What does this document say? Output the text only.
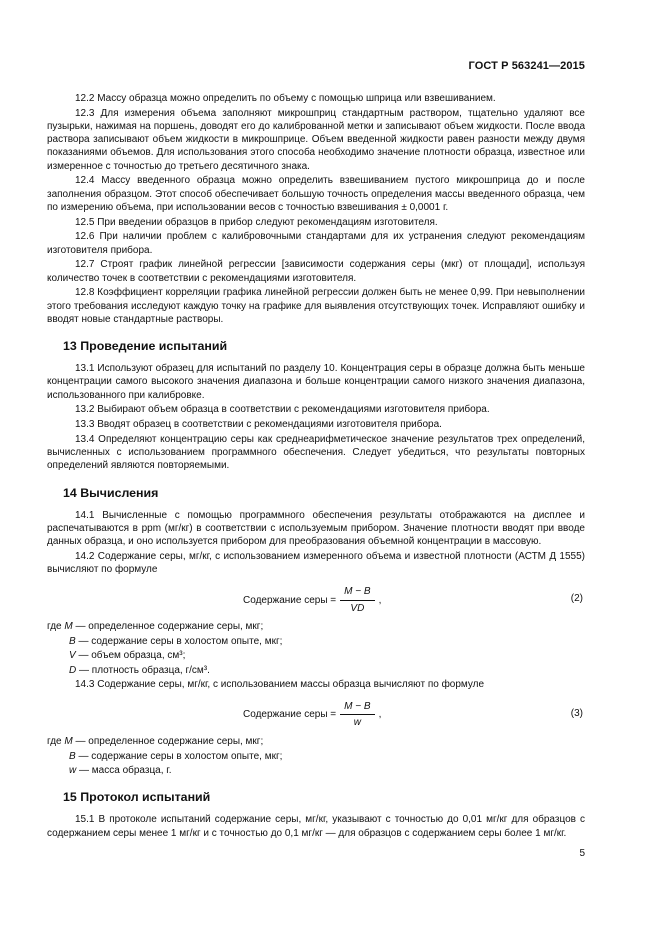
ГОСТ Р 563241—2015

12.2 Массу образца можно определить по объему с помощью шприца или взвешиванием.

12.3 Для измерения объема заполняют микрошприц стандартным раствором, тщательно удаляют все пузырьки, нажимая на поршень, доводят его до калиброванной метки и записывают объем жидкости. После ввода раствора записывают объем жидкости в микрошприце. Объем введенной жидкости равен разности между двумя показаниями объемов. Для использования этого способа необходимо значение плотности образца, известное или измеренное с точностью до третьего десятичного знака.

12.4 Массу введенного образца можно определить взвешиванием пустого микрошприца до и после заполнения образцом. Этот способ обеспечивает большую точность определения массы введенного образца, чем по измерению объема, при использовании весов с точностью взвешивания ± 0,0001 г.

12.5 При введении образцов в прибор следуют рекомендациям изготовителя.

12.6 При наличии проблем с калибровочными стандартами для их устранения следуют рекомендациям изготовителя прибора.

12.7 Строят график линейной регрессии [зависимости содержания серы (мкг) от площади], используя количество точек в соответствии с рекомендациями изготовителя.

12.8 Коэффициент корреляции графика линейной регрессии должен быть не менее 0,99. При невыполнении этого требования исследуют каждую точку на графике для выявления отсутствующих точек. Исправляют ошибку и вводят новые стандартные растворы.

13 Проведение испытаний

13.1 Используют образец для испытаний по разделу 10. Концентрация серы в образце должна быть меньше концентрации самого высокого значения диапазона и больше концентрации самого низкого значения диапазона, использованного при калибровке.

13.2 Выбирают объем образца в соответствии с рекомендациями изготовителя прибора.

13.3 Вводят образец в соответствии с рекомендациями изготовителя прибора.

13.4 Определяют концентрацию серы как среднеарифметическое значение результатов трех определений, вычисленных с использованием программного обеспечения. Следует убедиться, что результаты повторных определений являются повторяемыми.

14 Вычисления

14.1 Вычисленные с помощью программного обеспечения результаты отображаются на дисплее и распечатываются в ppm (мг/кг) в соответствии с используемым прибором. Значение плотности вводят при вводе данных образца, и оно используется прибором для преобразования объемной концентрации в массовую.

14.2 Содержание серы, мг/кг, с использованием измеренного объема и известной плотности (АСТМ Д 1555) вычисляют по формуле

Содержание серы = $\frac{M - B}{VD}$ ,	(2)
где M — определенное содержание серы, мкг;
B — содержание серы в холостом опыте, мкг;
V — объем образца, см³;
D — плотность образца, г/см³.

14.3 Содержание серы, мг/кг, с использованием массы образца вычисляют по формуле

Содержание серы = $\frac{M - B}{w}$ ,	(3)
где M — определенное содержание серы, мкг;
B — содержание серы в холостом опыте, мкг;
w — масса образца, г.
15 Протокол испытаний

15.1 В протоколе испытаний содержание серы, мг/кг, указывают с точностью до 0,01 мг/кг для образцов с содержанием серы менее 1 мг/кг и с точностью до 0,1 мг/кг — для образцов с содержанием серы более 1 мг/кг.

5
